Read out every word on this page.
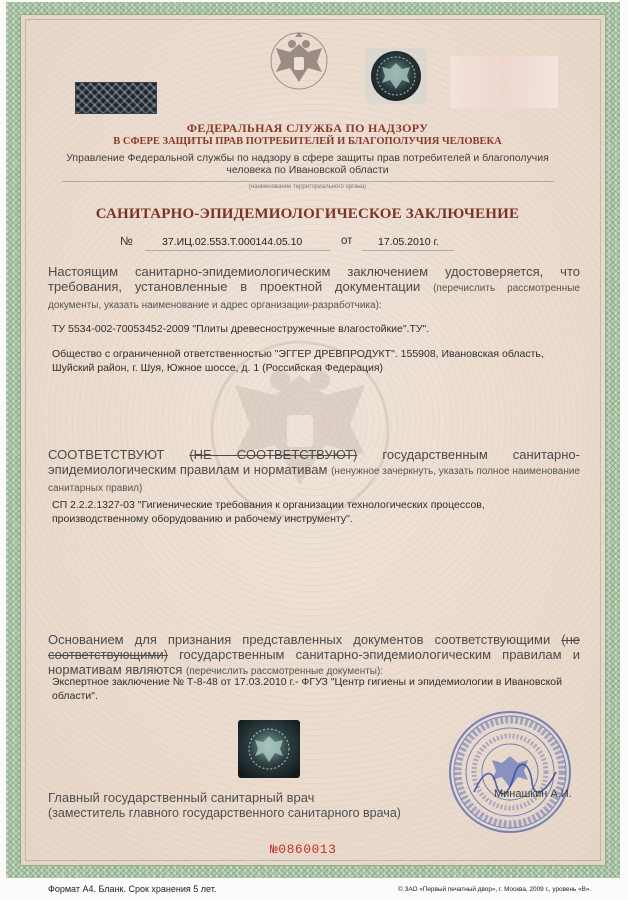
ФЕДЕРАЛЬНАЯ СЛУЖБА ПО НАДЗОРУ
В СФЕРЕ ЗАЩИТЫ ПРАВ ПОТРЕБИТЕЛЕЙ И БЛАГОПОЛУЧИЯ ЧЕЛОВЕКА
Управление Федеральной службы по надзору в сфере защиты прав потребителей и благополучия
человека по Ивановской области
(наименование территориального органа)
САНИТАРНО-ЭПИДЕМИОЛОГИЧЕСКОЕ ЗАКЛЮЧЕНИЕ
№	37.ИЦ.02.553.Т.000144.05.10	от 17.05.2010 г.
Настоящим санитарно-эпидемиологическим заключением удостоверяется, что требования, установленные в проектной документации (перечислить рассмотренные документы, указать наименование и адрес организации-разработчика):
ТУ 5534-002-70053452-2009 "Плиты древесностружечные влагостойкие".ТУ".
Общество с ограниченной ответственностью "ЭГГЕР ДРЕВПРОДУКТ". 155908, Ивановская область, Шуйский район, г. Шуя, Южное шоссе, д. 1 (Российская Федерация)
СООТВЕТСТВУЮТ (НЕ СООТВЕТСТВУЮТ) государственным санитарно-эпидемиологическим правилам и нормативам (ненужное зачеркнуть, указать полное наименование санитарных правил)
СП 2.2.2.1327-03 "Гигиенические требования к организации технологических процессов, производственному оборудованию и рабочему инструменту".
Основанием для признания представленных документов соответствующими (не соответствующими) государственным санитарно-эпидемиологическим правилам и нормативам являются (перечислить рассмотренные документы):
Экспертное заключение № Т-8-48 от 17.03.2010 г.- ФГУЗ "Центр гигиены и эпидемиологии в Ивановской области".
Главный государственный санитарный врач
(заместитель главного государственного санитарного врача)
Минашкин А.И.
№0860013
Формат А4. Бланк. Срок хранения 5 лет.	© ЗАО «Первый печатный двор», г. Москва, 2009 г., уровень «В».
